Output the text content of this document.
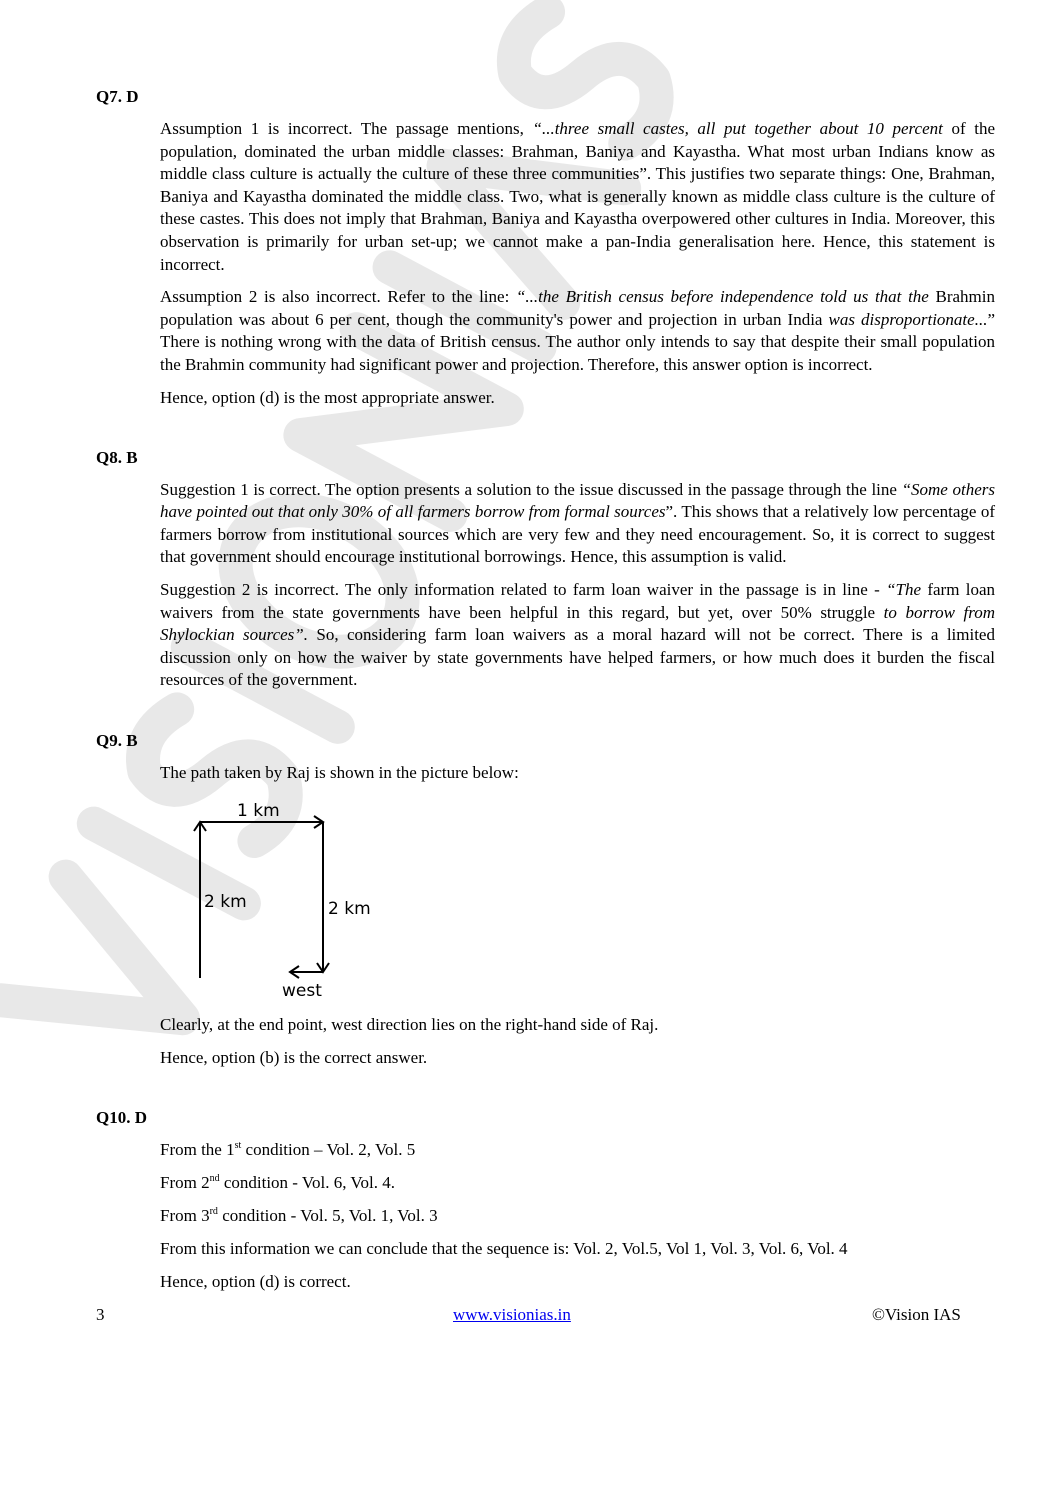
Q7. D

Assumption 1 is incorrect. The passage mentions, “...three small castes, all put together about 10 percent of the population, dominated the urban middle classes: Brahman, Baniya and Kayastha. What most urban Indians know as middle class culture is actually the culture of these three communities”. This justifies two separate things: One, Brahman, Baniya and Kayastha dominated the middle class. Two, what is generally known as middle class culture is the culture of these castes. This does not imply that Brahman, Baniya and Kayastha overpowered other cultures in India. Moreover, this observation is primarily for urban set-up; we cannot make a pan-India generalisation here. Hence, this statement is incorrect.

Assumption 2 is also incorrect. Refer to the line: “...the British census before independence told us that the Brahmin population was about 6 per cent, though the community's power and projection in urban India was disproportionate...” There is nothing wrong with the data of British census. The author only intends to say that despite their small population the Brahmin community had significant power and projection. Therefore, this answer option is incorrect.

Hence, option (d) is the most appropriate answer.
Q8. B

Suggestion 1 is correct. The option presents a solution to the issue discussed in the passage through the line “Some others have pointed out that only 30% of all farmers borrow from formal sources”. This shows that a relatively low percentage of farmers borrow from institutional sources which are very few and they need encouragement. So, it is correct to suggest that government should encourage institutional borrowings. Hence, this assumption is valid.

Suggestion 2 is incorrect. The only information related to farm loan waiver in the passage is in line - “The farm loan waivers from the state governments have been helpful in this regard, but yet, over 50% struggle to borrow from Shylockian sources”. So, considering farm loan waivers as a moral hazard will not be correct. There is a limited discussion only on how the waiver by state governments have helped farmers, or how much does it burden the fiscal resources of the government.

Q9. B
The path taken by Raj is shown in the picture below:
1 km
2 km	2 km
west
Clearly, at the end point, west direction lies on the right-hand side of Raj.
Hence, option (b) is the correct answer.
Q10. D
From the 1st condition – Vol. 2, Vol. 5
From 2nd condition - Vol. 6, Vol. 4.
From 3rd condition - Vol. 5, Vol. 1, Vol. 3
From this information we can conclude that the sequence is: Vol. 2, Vol.5, Vol 1, Vol. 3, Vol. 6, Vol. 4
Hence, option (d) is correct.
3	www.visionias.in	©Vision IAS
